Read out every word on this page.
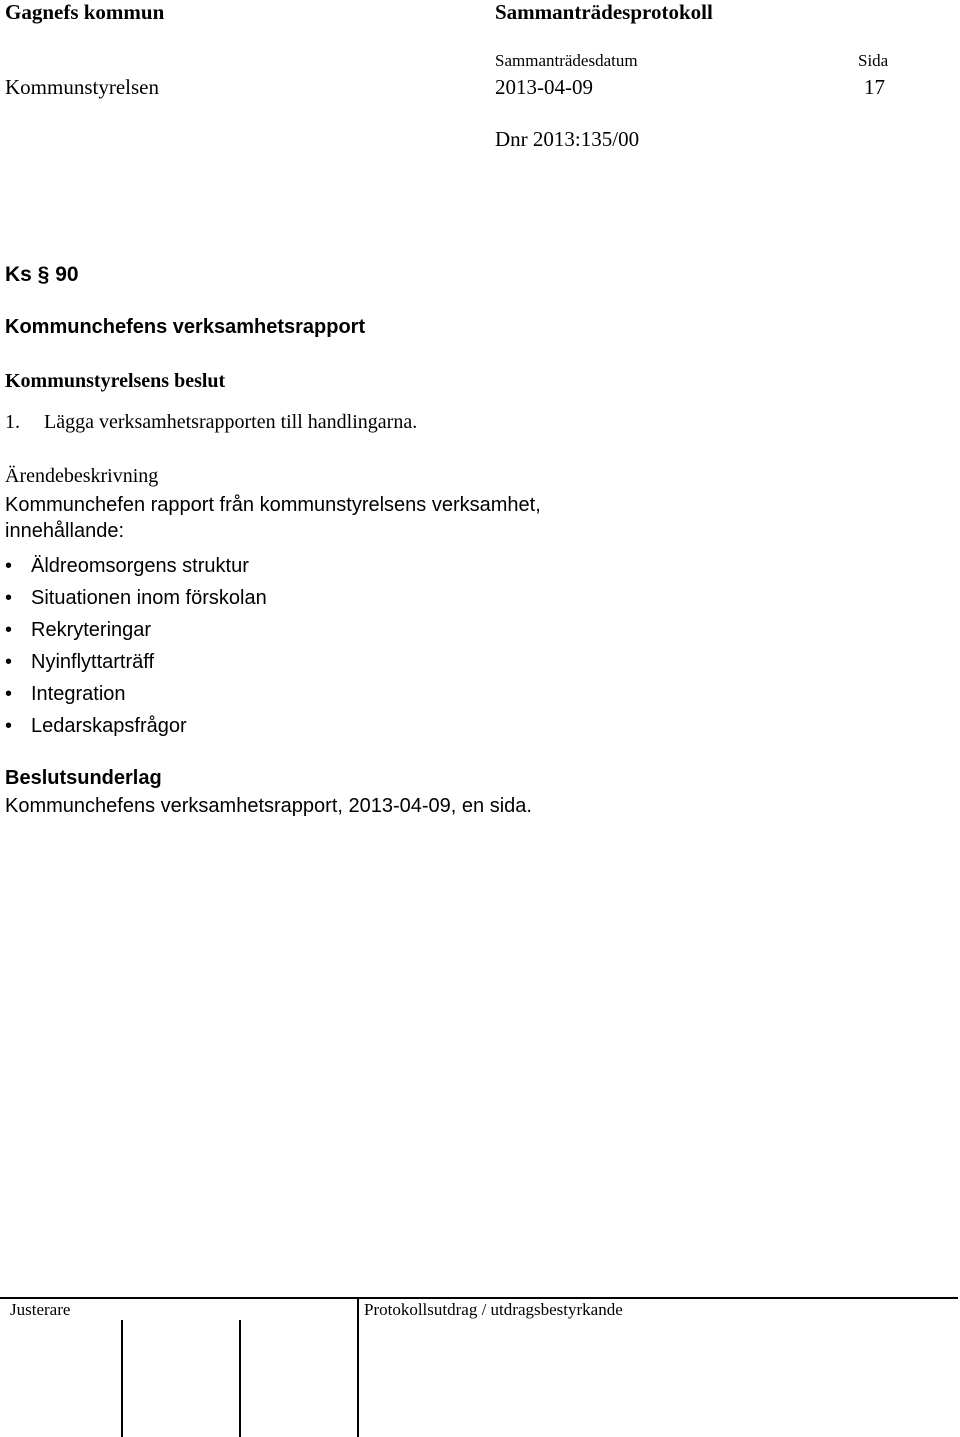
Gagnefs kommun	Sammanträdesprotokoll
Sammanträdesdatum	Sida
Kommunstyrelsen	2013-04-09	17
Dnr 2013:135/00
Ks § 90
Kommunchefens verksamhetsrapport
Kommunstyrelsens beslut
1. Lägga verksamhetsrapporten till handlingarna.
Ärendebeskrivning
Kommunchefen rapport från kommunstyrelsens verksamhet, innehållande:
• Äldreomsorgens struktur
• Situationen inom förskolan
• Rekryteringar
• Nyinflyttarträff
• Integration
• Ledarskapsfrågor
Beslutsunderlag
Kommunchefens verksamhetsrapport, 2013-04-09, en sida.
Justerare	Protokollsutdrag / utdragsbestyrkande
